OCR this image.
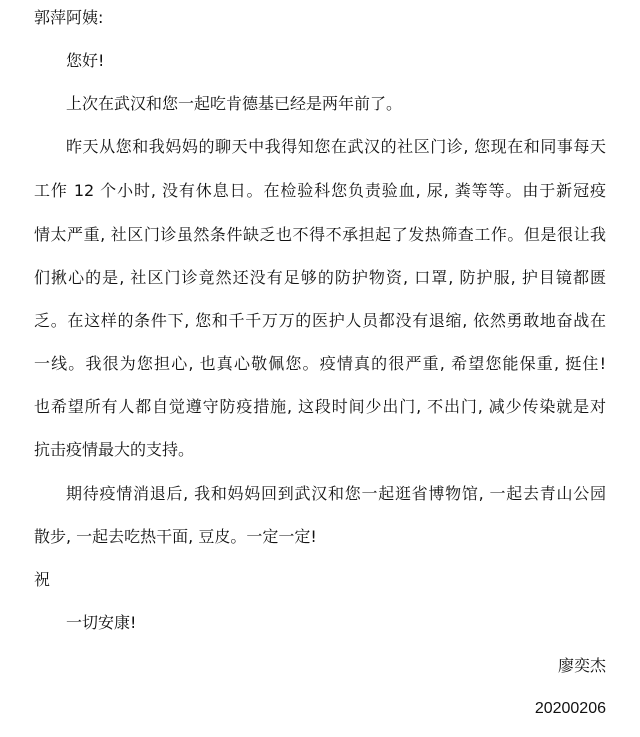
郭萍阿姨:
您好!
上次在武汉和您一起吃肯德基已经是两年前了。
昨天从您和我妈妈的聊天中我得知您在武汉的社区门诊, 您现在和同事每天
工作 12 个小时, 没有休息日。在检验科您负责验血, 尿, 粪等等。由于新冠疫
情太严重, 社区门诊虽然条件缺乏也不得不承担起了发热筛查工作。但是很让我
们揪心的是, 社区门诊竟然还没有足够的防护物资, 口罩, 防护服, 护目镜都匮
乏。在这样的条件下, 您和千千万万的医护人员都没有退缩, 依然勇敢地奋战在
一线。我很为您担心, 也真心敬佩您。疫情真的很严重, 希望您能保重, 挺住!
也希望所有人都自觉遵守防疫措施, 这段时间少出门, 不出门, 减少传染就是对
抗击疫情最大的支持。
期待疫情消退后, 我和妈妈回到武汉和您一起逛省博物馆, 一起去青山公园
散步, 一起去吃热干面, 豆皮。一定一定!
祝
一切安康!
廖奕杰
20200206
